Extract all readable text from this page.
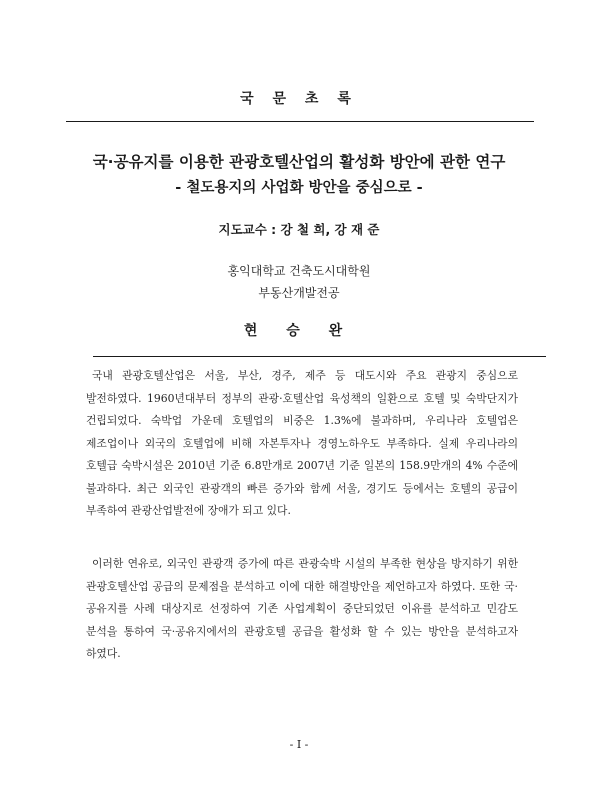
국 문 초 록
국·공유지를 이용한 관광호텔산업의 활성화 방안에 관한 연구
- 철도용지의 사업화 방안을 중심으로 -
지도교수 : 강 철 희, 강 재 준
홍익대학교 건축도시대학원
부동산개발전공
현 승 완

국내 관광호텔산업은 서울, 부산, 경주, 제주 등 대도시와 주요 관광지 중심으로 발전하였다. 1960년대부터 정부의 관광·호텔산업 육성책의 일환으로 호텔 및 숙박단지가 건립되었다. 숙박업 가운데 호텔업의 비중은 1.3%에 불과하며, 우리나라 호텔업은 제조업이나 외국의 호텔업에 비해 자본투자나 경영노하우도 부족하다. 실제 우리나라의 호텔급 숙박시설은 2010년 기준 6.8만개로 2007년 기준 일본의 158.9만개의 4% 수준에 불과하다. 최근 외국인 관광객의 빠른 증가와 함께 서울, 경기도 등에서는 호텔의 공급이 부족하여 관광산업발전에 장애가 되고 있다.

이러한 연유로, 외국인 관광객 증가에 따른 관광숙박 시설의 부족한 현상을 방지하기 위한 관광호텔산업 공급의 문제점을 분석하고 이에 대한 해결방안을 제언하고자 하였다. 또한 국·공유지를 사례 대상지로 선정하여 기존 사업계획이 중단되었던 이유를 분석하고 민감도 분석을 통하여 국·공유지에서의 관광호텔 공급을 활성화 할 수 있는 방안을 분석하고자 하였다.

- I -
